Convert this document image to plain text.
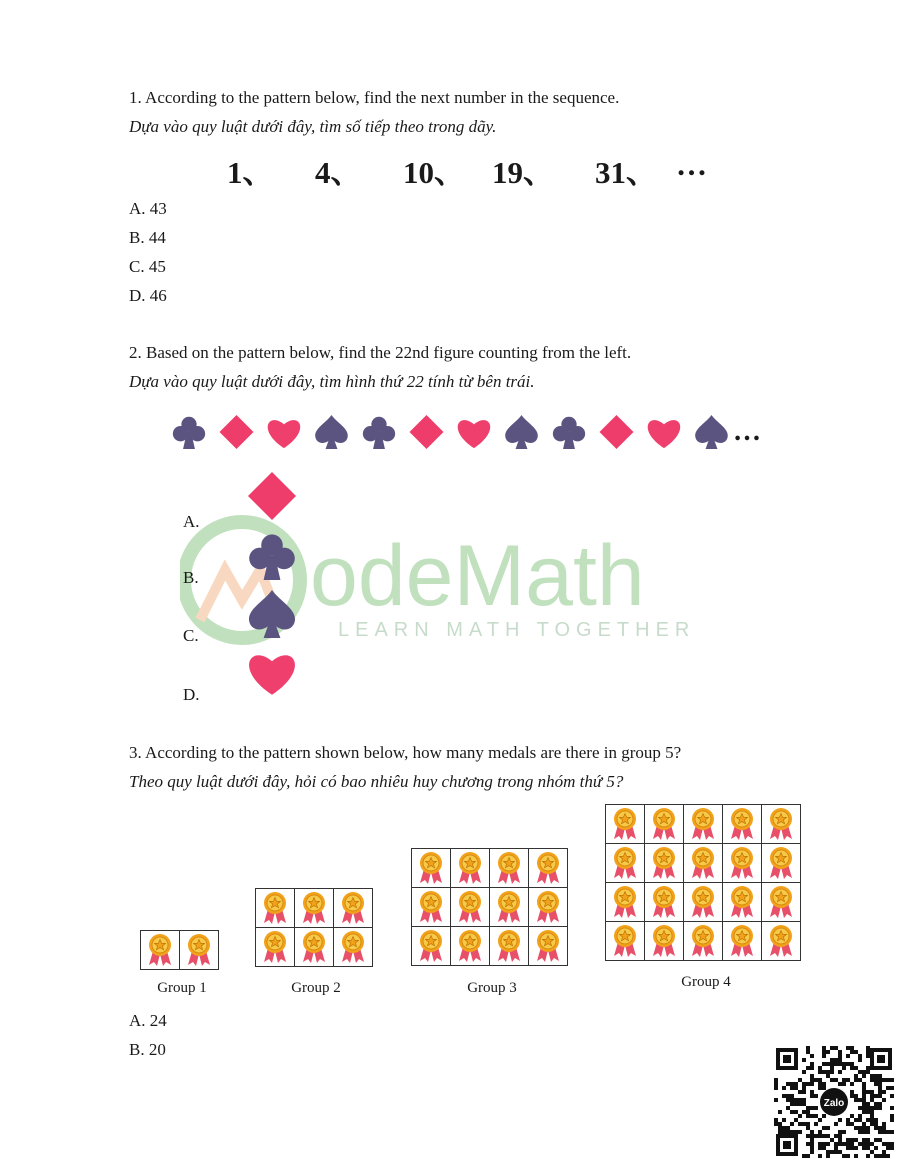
odeMath
LEARN MATH TOGETHER
1. According to the pattern below, find the next number in the sequence.
Dựa vào quy luật dưới đây, tìm số tiếp theo trong dãy.
1、 4、 10、 19、 31、 …
A. 43
B. 44
C. 45
D. 46
2. Based on the pattern below, find the 22nd figure counting from the left.
Dựa vào quy luật dưới đây, tìm hình thứ 22 tính từ bên trái.
…
A.
B.
C.
D.
3. According to the pattern shown below, how many medals are there in group 5?
Theo quy luật dưới đây, hỏi có bao nhiêu huy chương trong nhóm thứ 5?

Group 1

		Group 2

		Group 3

		Group 4
A. 24
B. 20
Zalo
